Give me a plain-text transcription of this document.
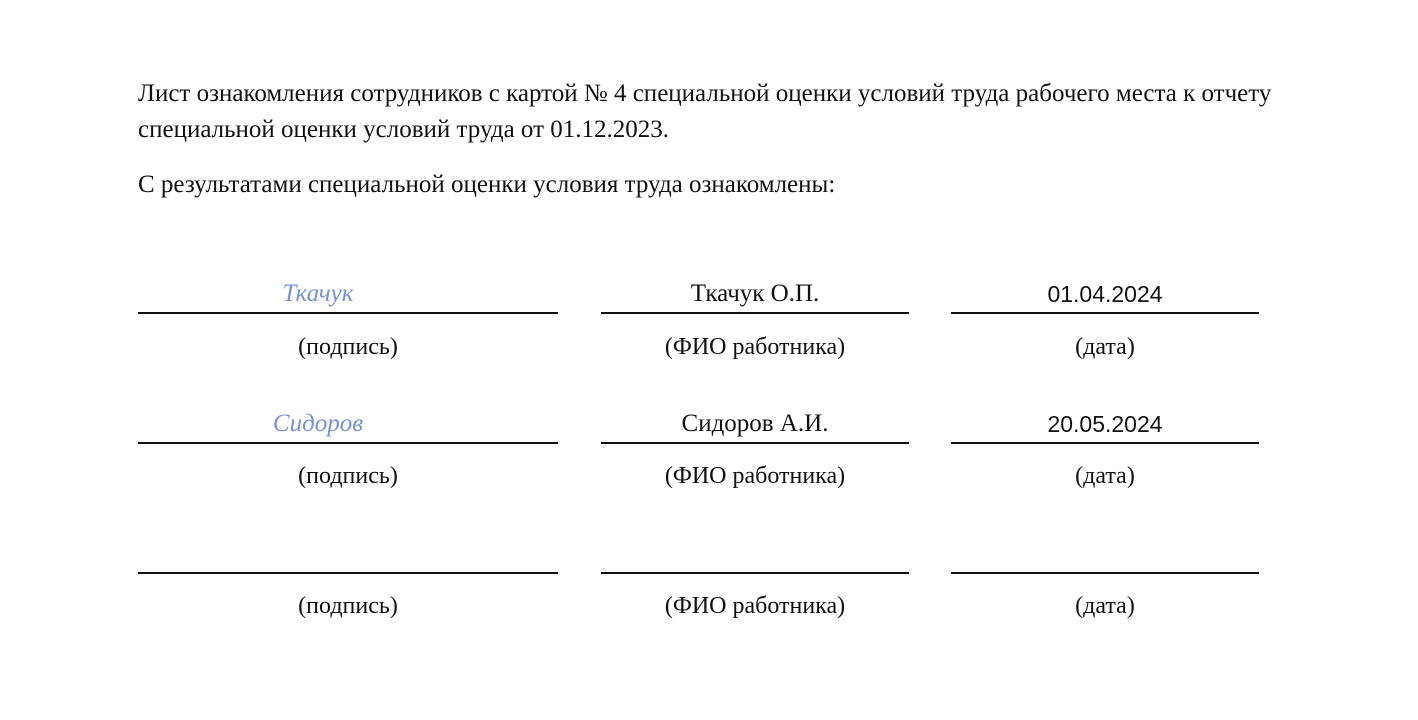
Лист ознакомления сотрудников с картой № 4 специальной оценки условий труда рабочего места к отчету специальной оценки условий труда от 01.12.2023.

С результатами специальной оценки условия труда ознакомлены:

Ткачук	Ткачук О.П.	01.04.2024
(подпись)	(ФИО работника)	(дата)
Сидоров	Сидоров А.И.	20.05.2024
(подпись)	(ФИО работника)	(дата)
(подпись)	(ФИО работника)	(дата)
